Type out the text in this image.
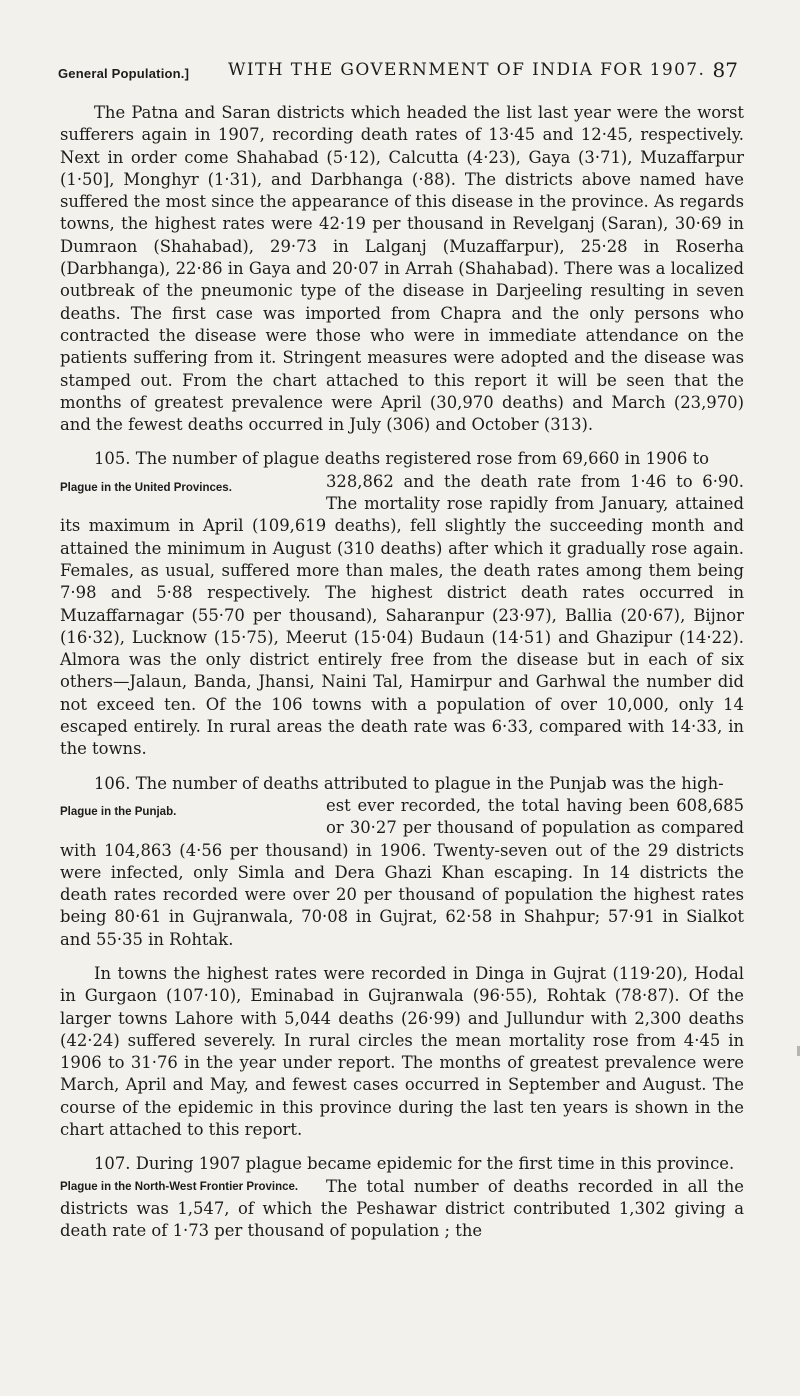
General Population.] WITH THE GOVERNMENT OF INDIA FOR 1907. 87

The Patna and Saran districts which headed the list last year were the worst sufferers again in 1907, recording death rates of 13·45 and 12·45, respectively. Next in order come Shahabad (5·12), Calcutta (4·23), Gaya (3·71), Muzaffarpur (1·50], Monghyr (1·31), and Darbhanga (·88). The districts above named have suffered the most since the appearance of this disease in the province. As regards towns, the highest rates were 42·19 per thousand in Revelganj (Saran), 30·69 in Dumraon (Shahabad), 29·73 in Lalganj (Muzaffarpur), 25·28 in Roserha (Darbhanga), 22·86 in Gaya and 20·07 in Arrah (Shahabad). There was a localized outbreak of the pneumonic type of the disease in Darjeeling resulting in seven deaths. The first case was imported from Chapra and the only persons who contracted the disease were those who were in immediate attendance on the patients suffering from it. Stringent measures were adopted and the disease was stamped out. From the chart attached to this report it will be seen that the months of greatest prevalence were April (30,970 deaths) and March (23,970) and the fewest deaths occurred in July (306) and October (313).

105. The number of plague deaths registered rose from 69,660 in 1906 to

Plague in the United Provinces.	328,862 and the death rate from 1·46 to 6·90. The mortality rose rapidly from January, attained its maximum in April (109,619 deaths), fell slightly the succeeding month and attained the minimum in August (310 deaths) after which it gradually rose again. Females, as usual, suffered more than males, the death rates among them being 7·98 and 5·88 respectively. The highest district death rates occurred in Muzaffarnagar (55·70 per thousand), Saharanpur (23·97), Ballia (20·67), Bijnor (16·32), Lucknow (15·75), Meerut (15·04) Budaun (14·51) and Ghazipur (14·22). Almora was the only district entirely free from the disease but in each of six others—Jalaun, Banda, Jhansi, Naini Tal, Hamirpur and Garhwal the number did not exceed ten. Of the 106 towns with a population of over 10,000, only 14 escaped entirely. In rural areas the death rate was 6·33, compared with 14·33, in the towns.

106. The number of deaths attributed to plague in the Punjab was the high-

Plague in the Punjab.	est ever recorded, the total having been 608,685 or 30·27 per thousand of population as compared with 104,863 (4·56 per thousand) in 1906. Twenty-seven out of the 29 districts were infected, only Simla and Dera Ghazi Khan escaping. In 14 districts the death rates recorded were over 20 per thousand of population the highest rates being 80·61 in Gujranwala, 70·08 in Gujrat, 62·58 in Shahpur; 57·91 in Sialkot and 55·35 in Rohtak.

In towns the highest rates were recorded in Dinga in Gujrat (119·20), Hodal in Gurgaon (107·10), Eminabad in Gujranwala (96·55), Rohtak (78·87). Of the larger towns Lahore with 5,044 deaths (26·99) and Jullundur with 2,300 deaths (42·24) suffered severely. In rural circles the mean mortality rose from 4·45 in 1906 to 31·76 in the year under report. The months of greatest prevalence were March, April and May, and fewest cases occurred in September and August. The course of the epidemic in this province during the last ten years is shown in the chart attached to this report.

107. During 1907 plague became epidemic for the first time in this province.

Plague in the North-West Frontier Province.	The total number of deaths recorded in all the districts was 1,547, of which the Peshawar district contributed 1,302 giving a death rate of 1·73 per thousand of population ; the
